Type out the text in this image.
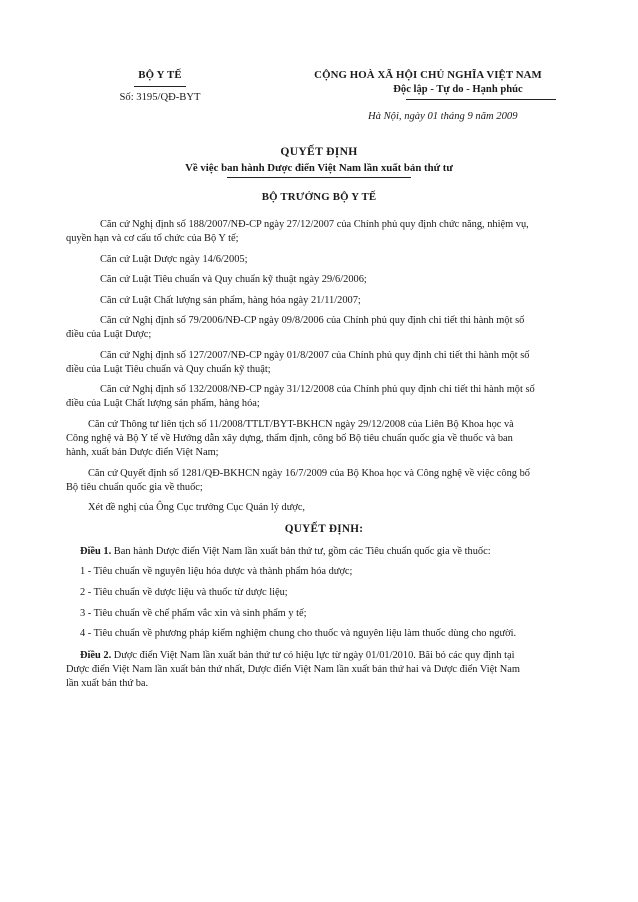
BỘ Y TẾ
Số: 3195/QĐ-BYT
CỘNG HOÀ XÃ HỘI CHỦ NGHĨA VIỆT NAM
Độc lập - Tự do - Hạnh phúc
Hà Nội, ngày 01 tháng 9 năm 2009
QUYẾT ĐỊNH
Về việc ban hành Dược điển Việt Nam lần xuất bản thứ tư
BỘ TRƯỞNG BỘ Y TẾ
Căn cứ Nghị định số 188/2007/NĐ-CP ngày 27/12/2007 của Chính phủ quy định chức năng, nhiệm vụ,
quyền hạn và cơ cấu tổ chức của Bộ Y tế;
Căn cứ Luật Dược ngày 14/6/2005;
Căn cứ Luật Tiêu chuẩn và Quy chuẩn kỹ thuật ngày 29/6/2006;
Căn cứ Luật Chất lượng sản phẩm, hàng hóa ngày 21/11/2007;
Căn cứ Nghị định số 79/2006/NĐ-CP ngày 09/8/2006 của Chính phủ quy định chi tiết thi hành một số
điều của Luật Dược;
Căn cứ Nghị định số 127/2007/NĐ-CP ngày 01/8/2007 của Chính phủ quy định chi tiết thi hành một số
điều của Luật Tiêu chuẩn và Quy chuẩn kỹ thuật;
Căn cứ Nghị định số 132/2008/NĐ-CP ngày 31/12/2008 của Chính phủ quy định chi tiết thi hành một số
điều của Luật Chất lượng sản phẩm, hàng hóa;
Căn cứ Thông tư liên tịch số 11/2008/TTLT/BYT-BKHCN ngày 29/12/2008 của Liên Bộ Khoa học và
Công nghệ và Bộ Y tế về Hướng dẫn xây dựng, thẩm định, công bố Bộ tiêu chuẩn quốc gia về thuốc và ban
hành, xuất bản Dược điển Việt Nam;
Căn cứ Quyết định số 1281/QĐ-BKHCN ngày 16/7/2009 của Bộ Khoa học và Công nghệ về việc công bố
Bộ tiêu chuẩn quốc gia về thuốc;
Xét đề nghị của Ông Cục trưởng Cục Quản lý dược,
QUYẾT ĐỊNH:
Điều 1. Ban hành Dược điển Việt Nam lần xuất bản thứ tư, gồm các Tiêu chuẩn quốc gia về thuốc:
1 - Tiêu chuẩn về nguyên liệu hóa dược và thành phẩm hóa dược;
2 - Tiêu chuẩn về dược liệu và thuốc từ dược liệu;
3 - Tiêu chuẩn về chế phẩm vắc xin và sinh phẩm y tế;
4 - Tiêu chuẩn về phương pháp kiểm nghiệm chung cho thuốc và nguyên liệu làm thuốc dùng cho người.
Điều 2. Dược điển Việt Nam lần xuất bản thứ tư có hiệu lực từ ngày 01/01/2010. Bãi bỏ các quy định tại
Dược điển Việt Nam lần xuất bản thứ nhất, Dược điển Việt Nam lần xuất bản thứ hai và Dược điển Việt Nam
lần xuất bản thứ ba.
